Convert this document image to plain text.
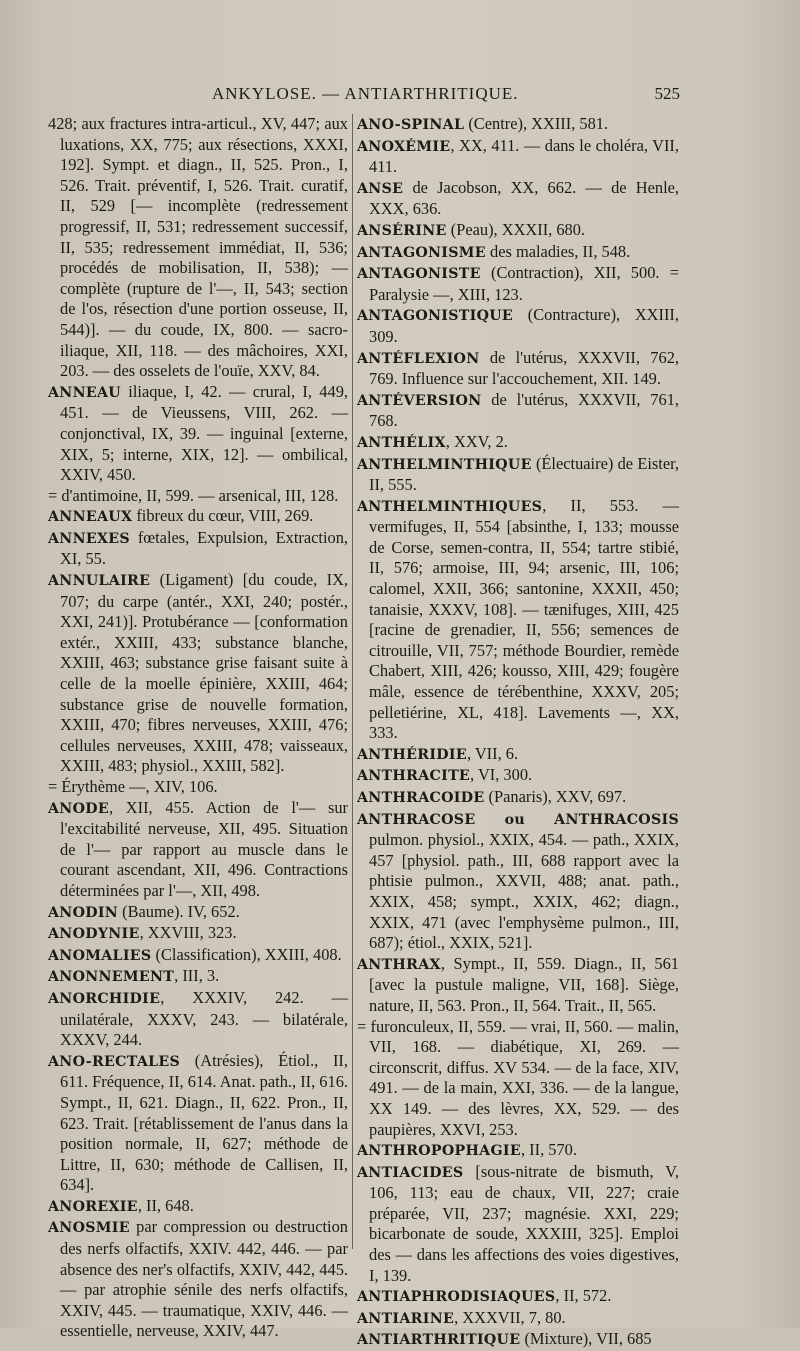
ANKYLOSE. — ANTIARTHRITIQUE.	525

428; aux fractures intra-articul., XV, 447; aux luxations, XX, 775; aux résections, XXXI, 192]. Sympt. et diagn., II, 525. Pron., I, 526. Trait. préventif, I, 526. Trait. curatif, II, 529 [— incomplète (redressement progressif, II, 531; redressement successif, II, 535; redressement immédiat, II, 536; procédés de mobilisation, II, 538); — complète (rupture de l'—, II, 543; section de l'os, résection d'une portion osseuse, II, 544)]. — du coude, IX, 800. — sacro-iliaque, XII, 118. — des mâchoires, XXI, 203. — des osselets de l'ouïe, XXV, 84.

ANNEAU iliaque, I, 42. — crural, I, 449, 451. — de Vieussens, VIII, 262. — conjonctival, IX, 39. — inguinal [externe, XIX, 5; interne, XIX, 12]. — ombilical, XXIV, 450.

= d'antimoine, II, 599. — arsenical, III, 128.

ANNEAUX fibreux du cœur, VIII, 269.

ANNEXES fœtales, Expulsion, Extraction, XI, 55.

ANNULAIRE (Ligament) [du coude, IX, 707; du carpe (antér., XXI, 240; postér., XXI, 241)]. Protubérance — [conformation extér., XXIII, 433; substance blanche, XXIII, 463; substance grise faisant suite à celle de la moelle épinière, XXIII, 464; substance grise de nouvelle formation, XXIII, 470; fibres nerveuses, XXIII, 476; cellules nerveuses, XXIII, 478; vaisseaux, XXIII, 483; physiol., XXIII, 582].

= Érythème —, XIV, 106.

ANODE, XII, 455. Action de l'— sur l'excitabilité nerveuse, XII, 495. Situation de l'— par rapport au muscle dans le courant ascendant, XII, 496. Contractions déterminées par l'—, XII, 498.

ANODIN (Baume). IV, 652.

ANODYNIE, XXVIII, 323.

ANOMALIES (Classification), XXIII, 408.

ANONNEMENT, III, 3.

ANORCHIDIE, XXXIV, 242. — unilatérale, XXXV, 243. — bilatérale, XXXV, 244.

ANO-RECTALES (Atrésies), Étiol., II, 611. Fréquence, II, 614. Anat. path., II, 616. Sympt., II, 621. Diagn., II, 622. Pron., II, 623. Trait. [rétablissement de l'anus dans la position normale, II, 627; méthode de Littre, II, 630; méthode de Callisen, II, 634].

ANOREXIE, II, 648.

ANOSMIE par compression ou destruction des nerfs olfactifs, XXIV. 442, 446. — par absence des ner's olfactifs, XXIV, 442, 445. — par atrophie sénile des nerfs olfactifs, XXIV, 445. — traumatique, XXIV, 446. — essentielle, nerveuse, XXIV, 447.

ANO-SPINAL (Centre), XXIII, 581.

ANOXÉMIE, XX, 411. — dans le choléra, VII, 411.

ANSE de Jacobson, XX, 662. — de Henle, XXX, 636.

ANSÉRINE (Peau), XXXII, 680.

ANTAGONISME des maladies, II, 548.

ANTAGONISTE (Contraction), XII, 500. = Paralysie —, XIII, 123.

ANTAGONISTIQUE (Contracture), XXIII, 309.

ANTÉFLEXION de l'utérus, XXXVII, 762, 769. Influence sur l'accouchement, XII. 149.

ANTÉVERSION de l'utérus, XXXVII, 761, 768.

ANTHÉLIX, XXV, 2.

ANTHELMINTHIQUE (Électuaire) de Eister, II, 555.

ANTHELMINTHIQUES, II, 553. — vermifuges, II, 554 [absinthe, I, 133; mousse de Corse, semen-contra, II, 554; tartre stibié, II, 576; armoise, III, 94; arsenic, III, 106; calomel, XXII, 366; santonine, XXXII, 450; tanaisie, XXXV, 108]. — tænifuges, XIII, 425 [racine de grenadier, II, 556; semences de citrouille, VII, 757; méthode Bourdier, remède Chabert, XIII, 426; kousso, XIII, 429; fougère mâle, essence de térébenthine, XXXV, 205; pelletiérine, XL, 418]. Lavements —, XX, 333.

ANTHÉRIDIE, VII, 6.

ANTHRACITE, VI, 300.

ANTHRACOIDE (Panaris), XXV, 697.

ANTHRACOSE ou ANTHRACOSIS pulmon. physiol., XXIX, 454. — path., XXIX, 457 [physiol. path., III, 688 rapport avec la phtisie pulmon., XXVII, 488; anat. path., XXIX, 458; sympt., XXIX, 462; diagn., XXIX, 471 (avec l'emphysème pulmon., III, 687); étiol., XXIX, 521].

ANTHRAX, Sympt., II, 559. Diagn., II, 561 [avec la pustule maligne, VII, 168]. Siège, nature, II, 563. Pron., II, 564. Trait., II, 565.

= furonculeux, II, 559. — vrai, II, 560. — malin, VII, 168. — diabétique, XI, 269. — circonscrit, diffus. XV 534. — de la face, XIV, 491. — de la main, XXI, 336. — de la langue, XX 149. — des lèvres, XX, 529. — des paupières, XXVI, 253.

ANTHROPOPHAGIE, II, 570.

ANTIACIDES [sous-nitrate de bismuth, V, 106, 113; eau de chaux, VII, 227; craie préparée, VII, 237; magnésie. XXI, 229; bicarbonate de soude, XXXIII, 325]. Emploi des — dans les affections des voies digestives, I, 139.

ANTIAPHRODISIAQUES, II, 572.

ANTIARINE, XXXVII, 7, 80.

ANTIARTHRITIQUE (Mixture), VII, 685
